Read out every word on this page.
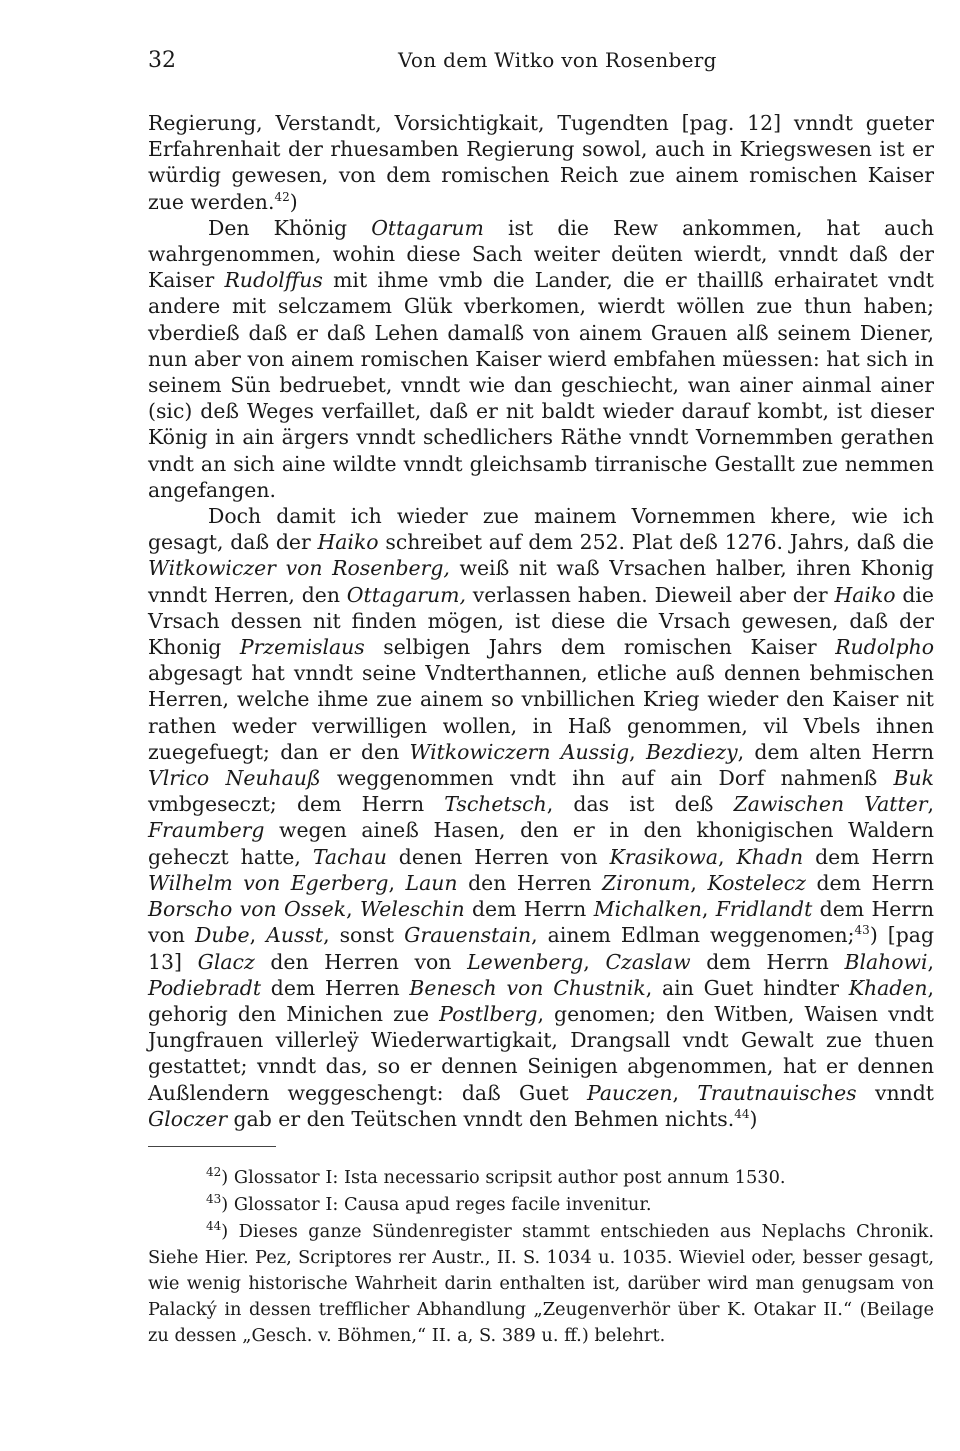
32	Von dem Witko von Rosenberg

Regierung, Verstandt, Vorsichtigkait, Tugendten [pag. 12] vnndt gueter Erfahrenhait der rhuesamben Regierung sowol, auch in Kriegswesen ist er würdig gewesen, von dem romischen Reich zue ainem romischen Kaiser zue werden.$^{42}$)

Den Khönig Ottagarum ist die Rew ankommen, hat auch wahrgenommen, wohin diese Sach weiter deüten wierdt, vnndt daß der Kaiser Rudolffus mit ihme vmb die Lander, die er thaillß erhairatet vndt andere mit selczamem Glük vberkomen, wierdt wöllen zue thun haben; vberdieß daß er daß Lehen damalß von ainem Grauen alß seinem Diener, nun aber von ainem romischen Kaiser wierd embfahen müessen: hat sich in seinem Sün bedruebet, vnndt wie dan geschiecht, wan ainer ainmal ainer (sic) deß Weges verfaillet, daß er nit baldt wieder darauf kombt, ist dieser König in ain ärgers vnndt schedlichers Räthe vnndt Vornemmben gerathen vndt an sich aine wildte vnndt gleichsamb tirranische Gestallt zue nemmen angefangen.

Doch damit ich wieder zue mainem Vornemmen khere, wie ich gesagt, daß der Haiko schreibet auf dem 252. Plat deß 1276. Jahrs, daß die Witkowiczer von Rosenberg, weiß nit waß Vrsachen halber, ihren Khonig vnndt Herren, den Ottagarum, verlassen haben. Dieweil aber der Haiko die Vrsach dessen nit finden mögen, ist diese die Vrsach gewesen, daß der Khonig Przemislaus selbigen Jahrs dem romischen Kaiser Rudolpho abgesagt hat vnndt seine Vndterthannen, etliche auß dennen behmischen Herren, welche ihme zue ainem so vnbillichen Krieg wieder den Kaiser nit rathen weder verwilligen wollen, in Haß genommen, vil Vbels ihnen zuegefuegt; dan er den Witkowiczern Aussig, Bezdiezy, dem alten Herrn Vlrico Neuhauß weggenommen vndt ihn auf ain Dorf nahmenß Buk vmbgeseczt; dem Herrn Tschetsch, das ist deß Zawischen Vatter, Fraumberg wegen aineß Hasen, den er in den khonigischen Waldern geheczt hatte, Tachau denen Herren von Krasikowa, Khadn dem Herrn Wilhelm von Egerberg, Laun den Herren Zironum, Kostelecz dem Herrn Borscho von Ossek, Weleschin dem Herrn Michalken, Fridlandt dem Herrn von Dube, Ausst, sonst Grauenstain, ainem Edlman weggenomen;$^{43}$) [pag 13] Glacz den Herren von Lewenberg, Czaslaw dem Herrn Blahowi, Podiebradt dem Herren Benesch von Chustnik, ain Guet hindter Khaden, gehorig den Minichen zue Postlberg, genomen; den Witben, Waisen vndt Jungfrauen villerleÿ Wiederwartigkait, Drangsall vndt Gewalt zue thuen gestattet; vnndt das, so er dennen Seinigen abgenommen, hat er dennen Außlendern weggeschengt: daß Guet Pauczen, Trautnauisches vnndt Gloczer gab er den Teütschen vnndt den Behmen nichts.$^{44}$)

$^{42}$) Glossator I: Ista necessario scripsit author post annum 1530.

$^{43}$) Glossator I: Causa apud reges facile invenitur.

$^{44}$) Dieses ganze Sündenregister stammt entschieden aus Neplachs Chronik. Siehe Hier. Pez, Scriptores rer Austr., II. S. 1034 u. 1035. Wieviel oder, besser gesagt, wie wenig historische Wahrheit darin enthalten ist, darüber wird man genugsam von Palacký in dessen trefflicher Abhandlung „Zeugenverhör über K. Otakar II.“ (Beilage zu dessen „Gesch. v. Böhmen,“ II. a, S. 389 u. ff.) belehrt.
